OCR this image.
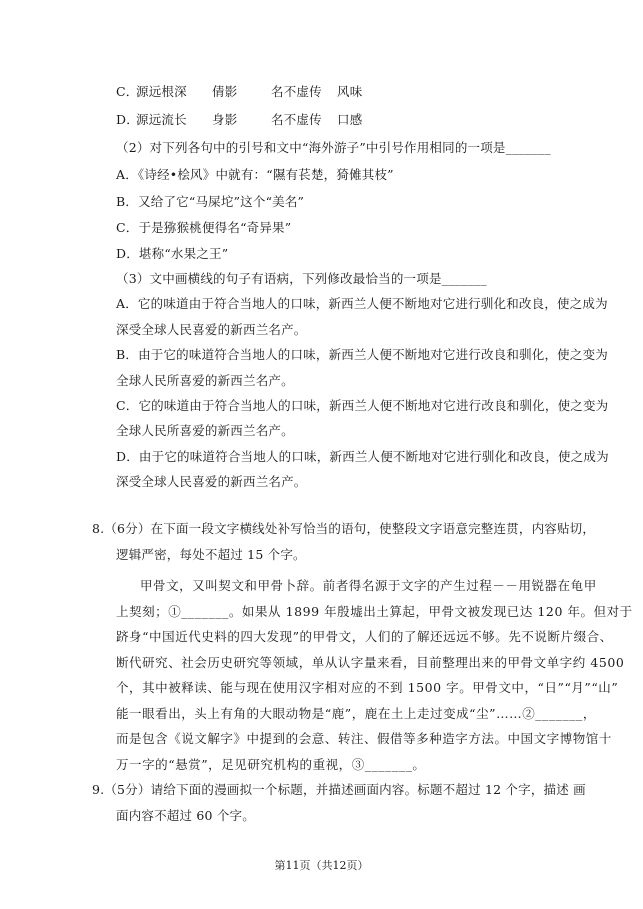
C．源远根深 倩影	名不虚传 风味
D．源远流长 身影	名不虚传 口感
（2）对下列各句中的引号和文中“海外游子”中引号作用相同的一项是_______
A．《诗经•桧风》中就有：“隰有苌楚，猗傩其枝”
B．又给了它“马屎坨”这个“美名”
C．于是猕猴桃便得名“奇异果”
D．堪称“水果之王”
（3）文中画横线的句子有语病，下列修改最恰当的一项是_______
A．它的味道由于符合当地人的口味，新西兰人便不断地对它进行驯化和改良，使之成为
深受全球人民喜爱的新西兰名产。
B．由于它的味道符合当地人的口味，新西兰人便不断地对它进行改良和驯化，使之变为
全球人民所喜爱的新西兰名产。
C．它的味道由于符合当地人的口味，新西兰人便不断地对它进行改良和驯化，使之变为
全球人民所喜爱的新西兰名产。
D．由于它的味道符合当地人的口味，新西兰人便不断地对它进行驯化和改良，使之成为
深受全球人民喜爱的新西兰名产。
8.（6分）在下面一段文字横线处补写恰当的语句，使整段文字语意完整连贯，内容贴切，
逻辑严密，每处不超过 15 个字。
甲骨文，又叫契文和甲骨卜辞。前者得名源于文字的产生过程－－用锐器在龟甲
上契刻；①_______。如果从 1899 年殷墟出土算起，甲骨文被发现已达 120 年。但对于
跻身“中国近代史料的四大发现”的甲骨文，人们的了解还远远不够。先不说断片缀合、
断代研究、社会历史研究等领域，单从认字量来看，目前整理出来的甲骨文单字约 4500
个，其中被释读、能与现在使用汉字相对应的不到 1500 字。甲骨文中，“日”“月”“山”
能一眼看出，头上有角的大眼动物是“鹿”，鹿在土上走过变成“尘”……②_______，
而是包含《说文解字》中提到的会意、转注、假借等多种造字方法。中国文字博物馆十
万一字的“悬赏”，足见研究机构的重视，③_______。
9.（5分）请给下面的漫画拟一个标题，并描述画面内容。标题不超过 12 个字，描述 画
面内容不超过 60 个字。
第11页（共12页）
